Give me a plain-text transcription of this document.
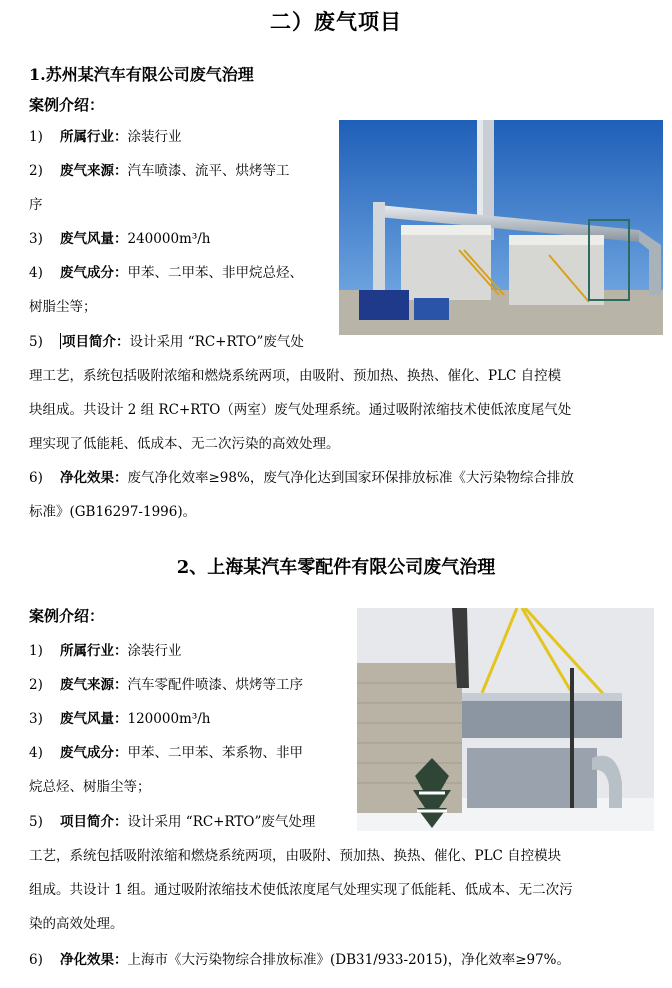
二）废气项目
1.苏州某汽车有限公司废气治理
案例介绍：
1) 所属行业：涂装行业
2) 废气来源：汽车喷漆、流平、烘烤等工
序
3) 废气风量：240000m³/h
4) 废气成分：甲苯、二甲苯、非甲烷总烃、
树脂尘等；
5) 项目简介：设计采用 “RC+RTO”废气处
理工艺，系统包括吸附浓缩和燃烧系统两项，由吸附、预加热、换热、催化、PLC 自控模
块组成。共设计 2 组 RC+RTO（两室）废气处理系统。通过吸附浓缩技术使低浓度尾气处
理实现了低能耗、低成本、无二次污染的高效处理。
6) 净化效果：废气净化效率≥98%，废气净化达到国家环保排放标准《大污染物综合排放
标准》(GB16297-1996)。
2、上海某汽车零配件有限公司废气治理
案例介绍：
1) 所属行业：涂装行业
2) 废气来源：汽车零配件喷漆、烘烤等工序
3) 废气风量：120000m³/h
4) 废气成分：甲苯、二甲苯、苯系物、非甲
烷总烃、树脂尘等；
5) 项目简介：设计采用 “RC+RTO”废气处理
工艺，系统包括吸附浓缩和燃烧系统两项，由吸附、预加热、换热、催化、PLC 自控模块
组成。共设计 1 组。通过吸附浓缩技术使低浓度尾气处理实现了低能耗、低成本、无二次污
染的高效处理。
6) 净化效果：上海市《大污染物综合排放标准》(DB31/933-2015)，净化效率≥97%。
